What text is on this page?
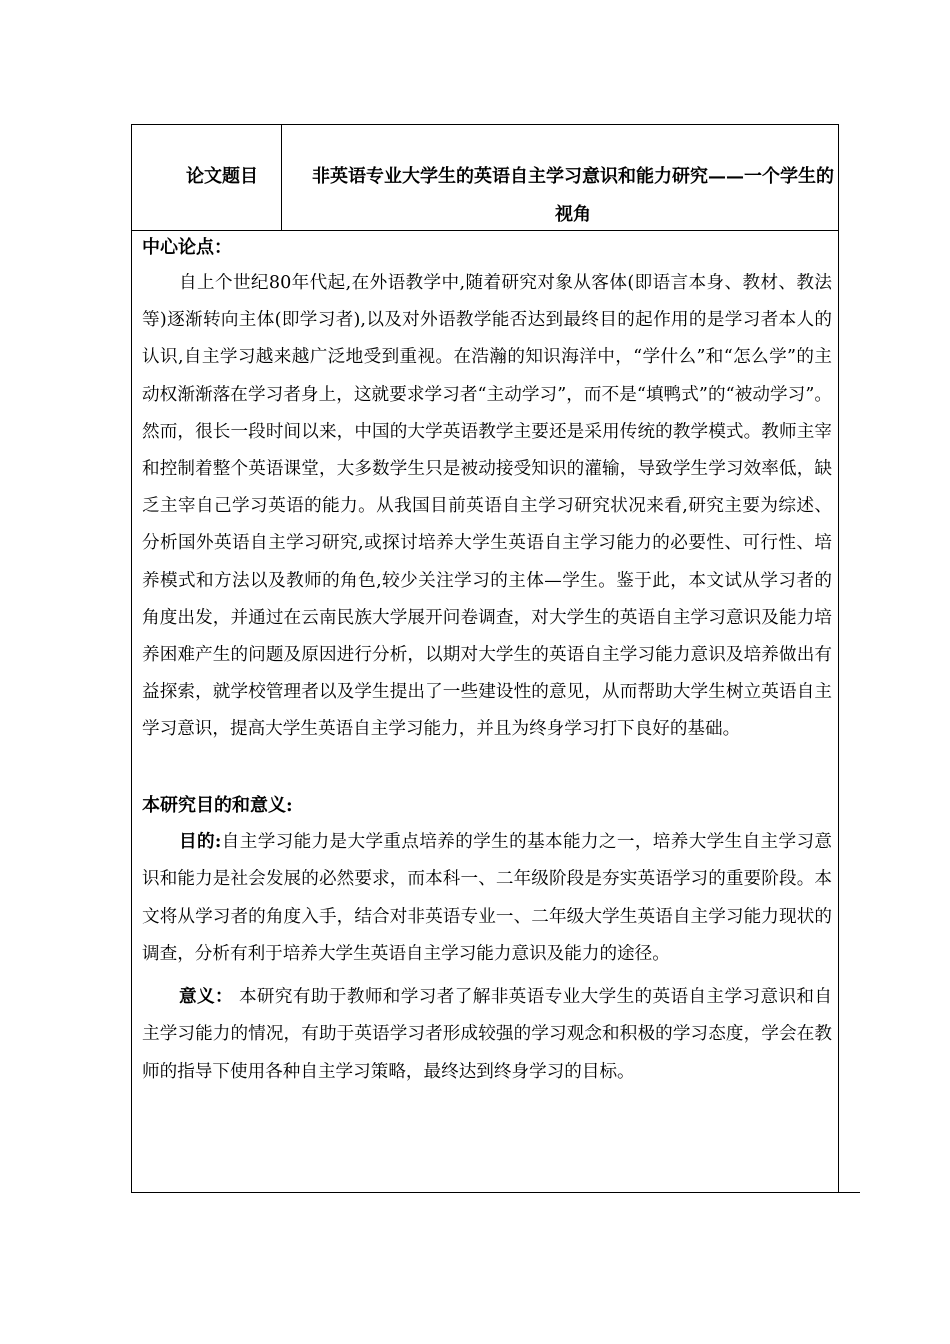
论文题目	非英语专业大学生的英语自主学习意识和能力研究——一个学生的视角
中心论点：

自上个世纪80年代起,在外语教学中,随着研究对象从客体(即语言本身、教材、教法等)逐渐转向主体(即学习者),以及对外语教学能否达到最终目的起作用的是学习者本人的认识,自主学习越来越广泛地受到重视。在浩瀚的知识海洋中，“学什么”和“怎么学”的主动权渐渐落在学习者身上，这就要求学习者“主动学习”，而不是“填鸭式”的“被动学习”。然而，很长一段时间以来，中国的大学英语教学主要还是采用传统的教学模式。教师主宰和控制着整个英语课堂，大多数学生只是被动接受知识的灌输，导致学生学习效率低，缺乏主宰自己学习英语的能力。从我国目前英语自主学习研究状况来看,研究主要为综述、分析国外英语自主学习研究,或探讨培养大学生英语自主学习能力的必要性、可行性、培养模式和方法以及教师的角色,较少关注学习的主体—学生。鉴于此，本文试从学习者的角度出发，并通过在云南民族大学展开问卷调查，对大学生的英语自主学习意识及能力培养困难产生的问题及原因进行分析，以期对大学生的英语自主学习能力意识及培养做出有益探索，就学校管理者以及学生提出了一些建设性的意见，从而帮助大学生树立英语自主学习意识，提高大学生英语自主学习能力，并且为终身学习打下良好的基础。

本研究目的和意义:

目的:自主学习能力是大学重点培养的学生的基本能力之一，培养大学生自主学习意识和能力是社会发展的必然要求，而本科一、二年级阶段是夯实英语学习的重要阶段。本文将从学习者的角度入手，结合对非英语专业一、二年级大学生英语自主学习能力现状的调查，分析有利于培养大学生英语自主学习能力意识及能力的途径。

意义： 本研究有助于教师和学习者了解非英语专业大学生的英语自主学习意识和自主学习能力的情况，有助于英语学习者形成较强的学习观念和积极的学习态度，学会在教师的指导下使用各种自主学习策略，最终达到终身学习的目标。
